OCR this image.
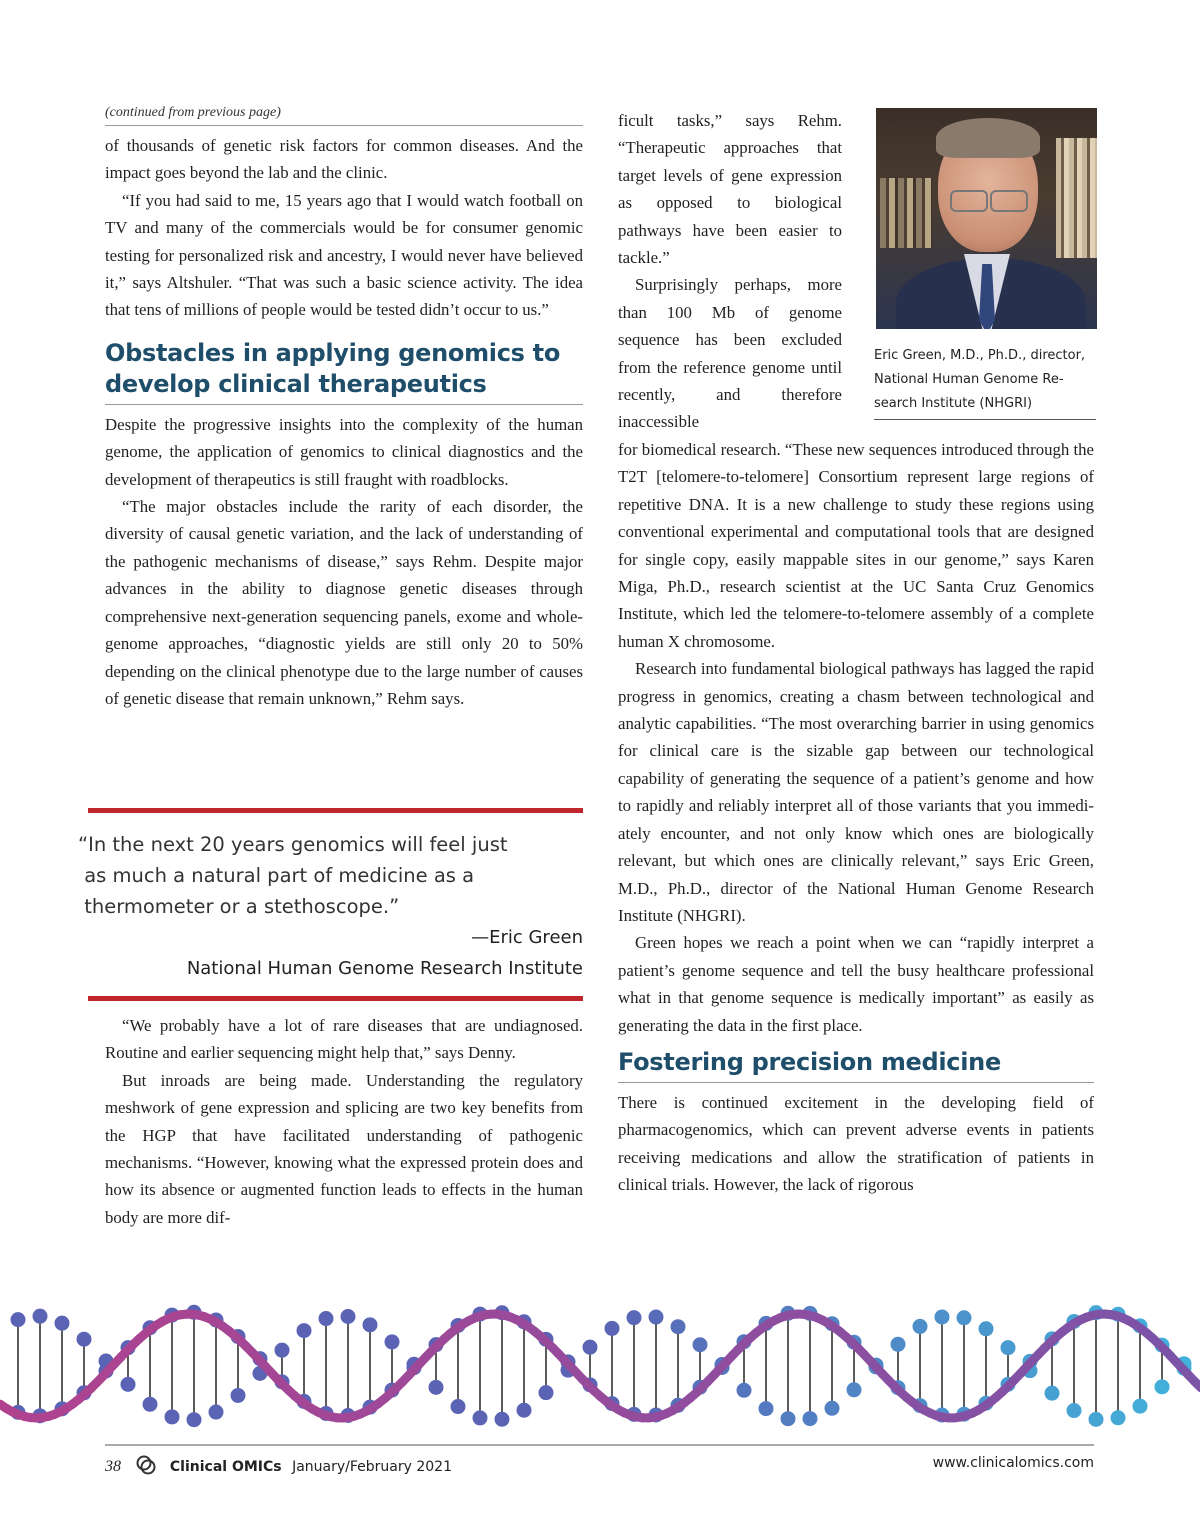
(continued from previous page)

of thousands of genetic risk factors for common diseases. And the impact goes beyond the lab and the clinic.

“If you had said to me, 15 years ago that I would watch football on TV and many of the commercials would be for consumer genomic testing for personalized risk and ancestry, I would never have believed it,” says Altshuler. “That was such a basic science activity. The idea that tens of millions of people would be tested didn’t occur to us.”

Obstacles in applying genomics to
develop clinical therapeutics

Despite the progressive insights into the complexity of the human genome, the application of genomics to clinical diagnostics and the development of therapeutics is still fraught with roadblocks.

“The major obstacles include the rarity of each disorder, the diversity of causal genetic variation, and the lack of understanding of the pathogenic mechanisms of disease,” says Rehm. Despite major advances in the ability to diagnose genetic diseases through comprehensive next-generation sequencing panels, exome and whole-genome approaches, “diagnostic yields are still only 20 to 50% depending on the clinical phenotype due to the large number of causes of genetic disease that remain unknown,” Rehm says.

“In the next 20 years genomics will feel just
as much a natural part of medicine as a
thermometer or a stethoscope.”

—Eric Green

National Human Genome Research Institute

“We probably have a lot of rare diseases that are undiagnosed. Routine and earlier sequencing might help that,” says Denny.

But inroads are being made. Understanding the regulatory meshwork of gene expression and splicing are two key benefits from the HGP that have facilitated understanding of pathogenic mechanisms. “However, knowing what the expressed protein does and how its absence or augmented function leads to effects in the human body are more dif-

Eric Green, M.D., Ph.D., director,
National Human Genome Re-
search Institute (NHGRI)

ficult tasks,” says Rehm. “Therapeutic approaches that target levels of gene expression as opposed to biological pathways have been easier to tackle.”

Surprisingly perhaps, more than 100 Mb of genome sequence has been excluded from the reference genome until recently, and therefore inaccessible

for biomedical research. “These new sequences introduced through the T2T [telomere-to-telomere] Consortium represent large regions of repetitive DNA. It is a new challenge to study these regions using conventional experimental and computational tools that are designed for single copy, easily mappable sites in our genome,” says Karen Miga, Ph.D., research scientist at the UC Santa Cruz Genomics Institute, which led the telomere-to-telomere assembly of a complete human X chromosome.

Research into fundamental biological pathways has lagged the rapid progress in genomics, creating a chasm between technological and analytic capabilities. “The most overarching barrier in using genomics for clinical care is the sizable gap between our technological capability of generating the sequence of a patient’s genome and how to rapidly and reliably interpret all of those variants that you immediately encounter, and not only know which ones are biologically relevant, but which ones are clinically relevant,” says Eric Green, M.D., Ph.D., director of the National Human Genome Research Institute (NHGRI).

Green hopes we reach a point when we can “rapidly interpret a patient’s genome sequence and tell the busy healthcare professional what in that genome sequence is medically important” as easily as generating the data in the first place.

Fostering precision medicine

There is continued excitement in the developing field of pharmacogenomics, which can prevent adverse events in patients receiving medications and allow the stratification of patients in clinical trials. However, the lack of rigorous

38	Clinical OMICs January/February 2021	www.clinicalomics.com
